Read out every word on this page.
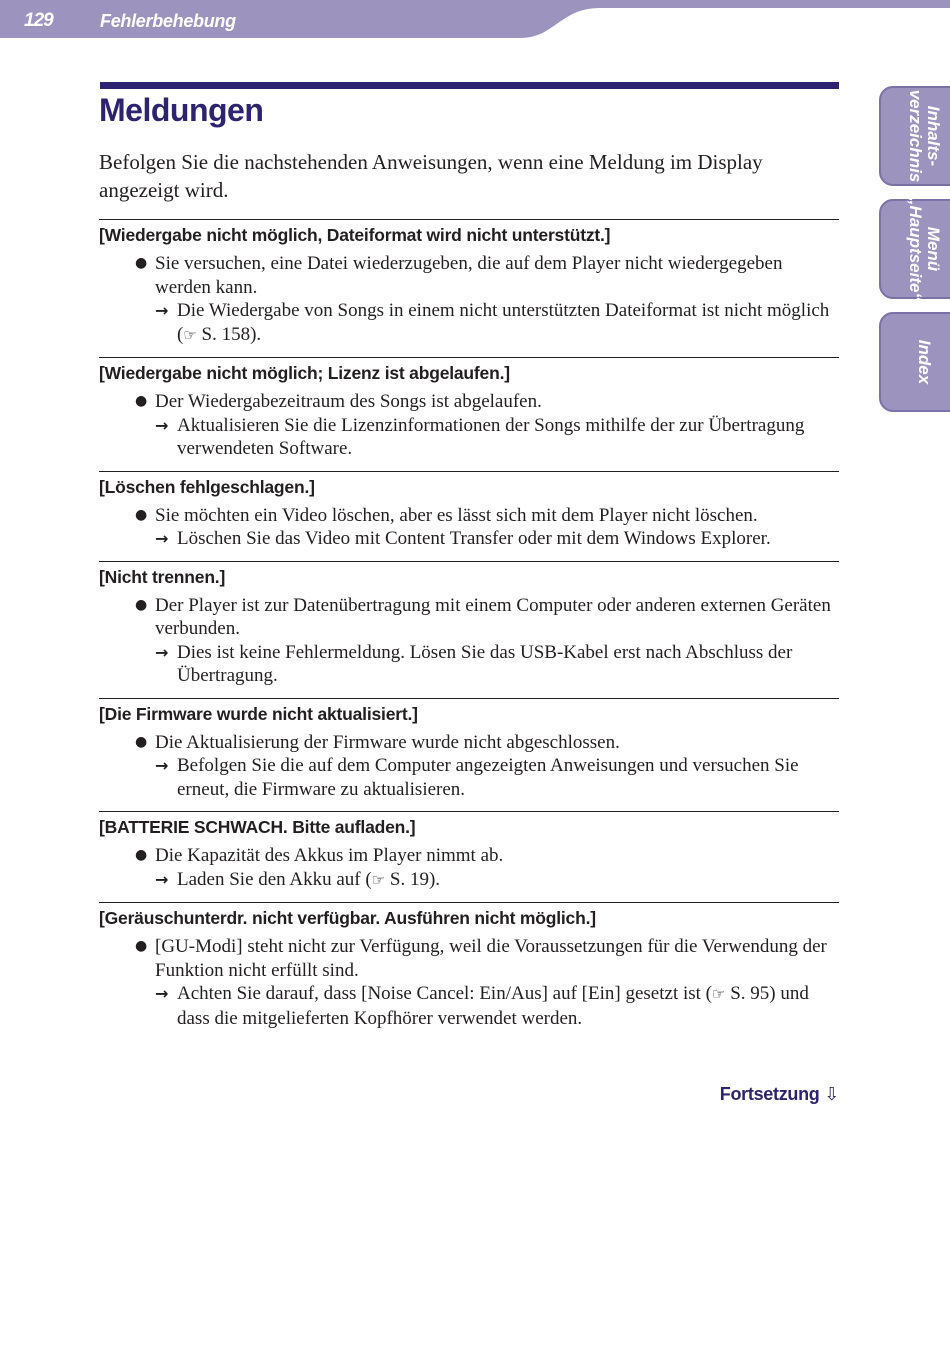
129	Fehlerbehebung
Inhalts-
verzeichnis
Menü
„Hauptseite“
Index
Meldungen

Befolgen Sie die nachstehenden Anweisungen, wenn eine Meldung im Display angezeigt wird.

[Wiedergabe nicht möglich, Dateiformat wird nicht unterstützt.]
● Sie versuchen, eine Datei wiederzugeben, die auf dem Player nicht wiedergegeben werden kann.
→ Die Wiedergabe von Songs in einem nicht unterstützten Dateiformat ist nicht möglich (☞ S. 158).
[Wiedergabe nicht möglich; Lizenz ist abgelaufen.]
● Der Wiedergabezeitraum des Songs ist abgelaufen.
→ Aktualisieren Sie die Lizenzinformationen der Songs mithilfe der zur Übertragung verwendeten Software.
[Löschen fehlgeschlagen.]
● Sie möchten ein Video löschen, aber es lässt sich mit dem Player nicht löschen.
→ Löschen Sie das Video mit Content Transfer oder mit dem Windows Explorer.
[Nicht trennen.]
● Der Player ist zur Datenübertragung mit einem Computer oder anderen externen Geräten verbunden.
→ Dies ist keine Fehlermeldung. Lösen Sie das USB-Kabel erst nach Abschluss der Übertragung.
[Die Firmware wurde nicht aktualisiert.]
● Die Aktualisierung der Firmware wurde nicht abgeschlossen.
→ Befolgen Sie die auf dem Computer angezeigten Anweisungen und versuchen Sie erneut, die Firmware zu aktualisieren.
[BATTERIE SCHWACH. Bitte aufladen.]
● Die Kapazität des Akkus im Player nimmt ab.
→ Laden Sie den Akku auf (☞ S. 19).
[Geräuschunterdr. nicht verfügbar. Ausführen nicht möglich.]
● [GU-Modi] steht nicht zur Verfügung, weil die Voraussetzungen für die Verwendung der Funktion nicht erfüllt sind.
→ Achten Sie darauf, dass [Noise Cancel: Ein/Aus] auf [Ein] gesetzt ist (☞ S. 95) und dass die mitgelieferten Kopfhörer verwendet werden.
Fortsetzung ⇩
